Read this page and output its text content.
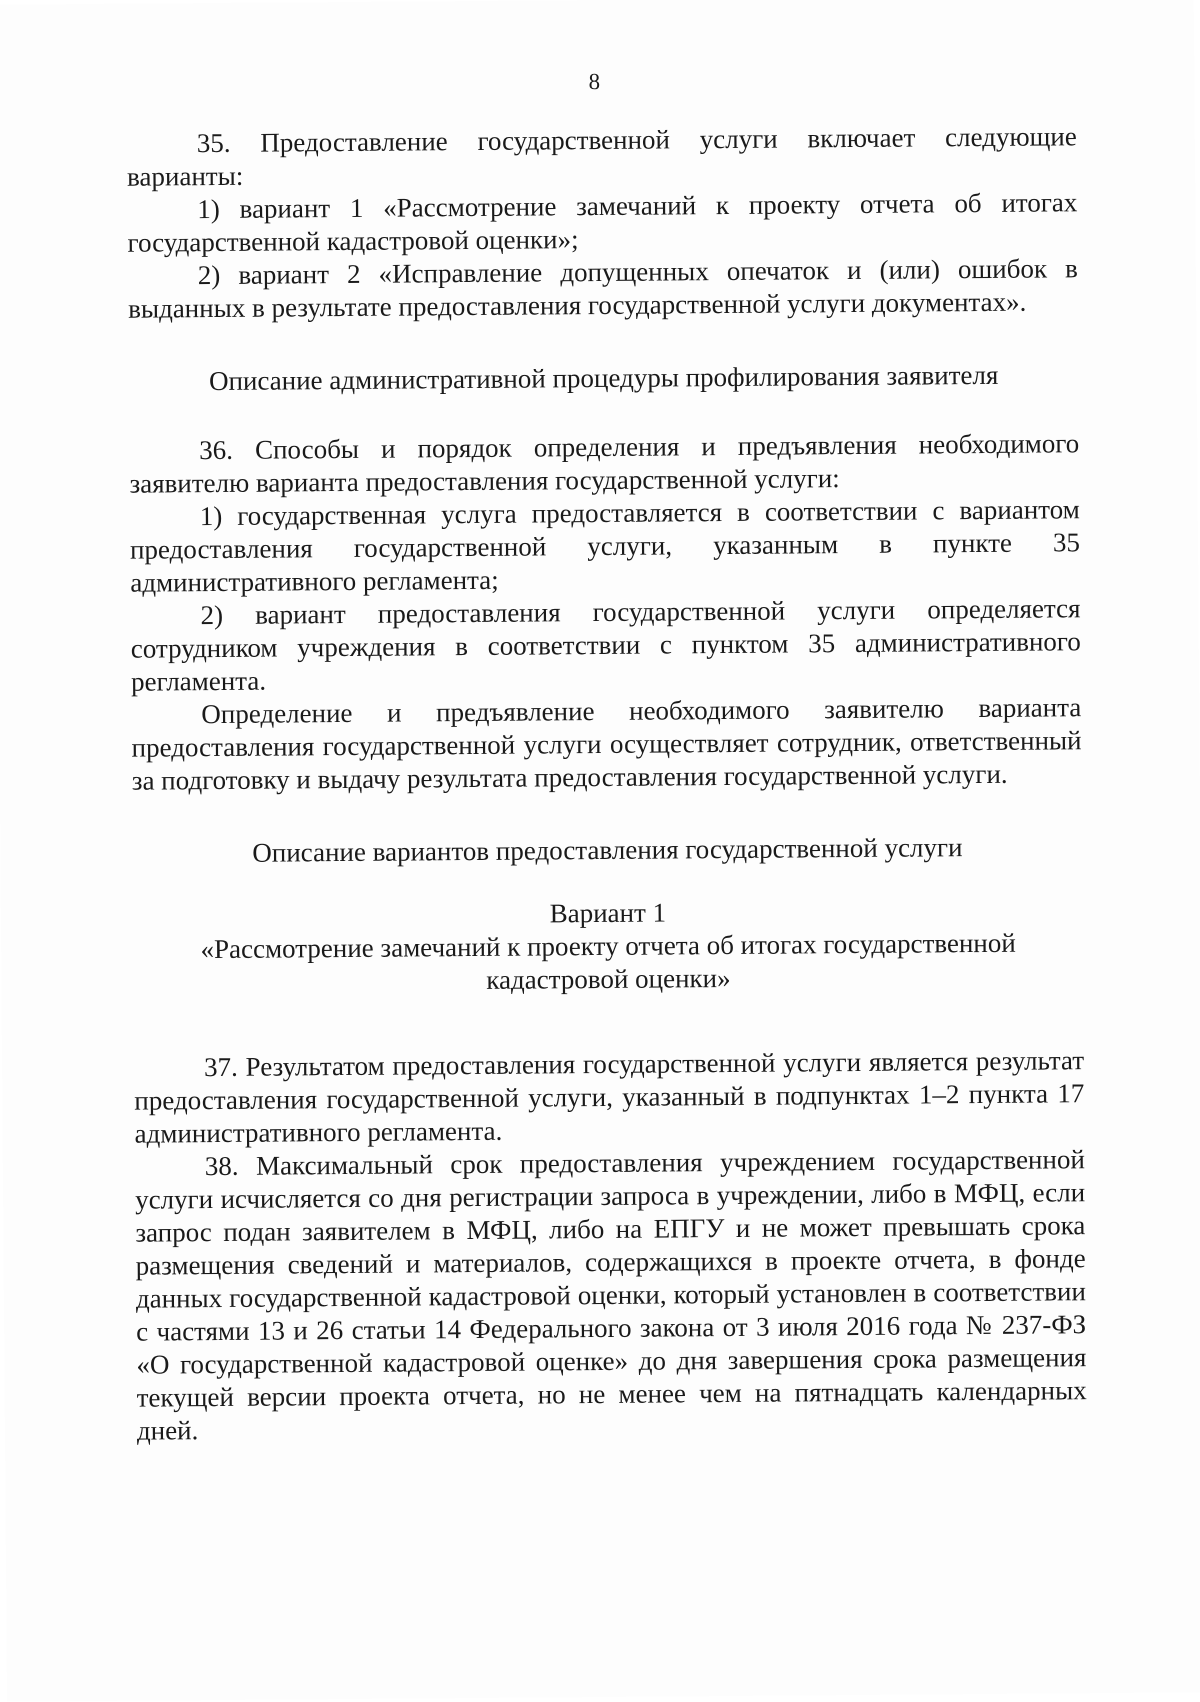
8

35. Предоставление государственной услуги включает следующие варианты:

1) вариант 1 «Рассмотрение замечаний к проекту отчета об итогах государственной кадастровой оценки»;

2) вариант 2 «Исправление допущенных опечаток и (или) ошибок в выданных в результате предоставления государственной услуги документах».

Описание административной процедуры профилирования заявителя

36. Способы и порядок определения и предъявления необходимого заявителю варианта предоставления государственной услуги:

1) государственная услуга предоставляется в соответствии с вариантом предоставления государственной услуги, указанным в пункте 35 административного регламента;

2) вариант предоставления государственной услуги определяется сотрудником учреждения в соответствии с пунктом 35 административного регламента.

Определение и предъявление необходимого заявителю варианта предоставления государственной услуги осуществляет сотрудник, ответственный за подготовку и выдачу результата предоставления государственной услуги.

Описание вариантов предоставления государственной услуги

Вариант 1

«Рассмотрение замечаний к проекту отчета об итогах государственной кадастровой оценки»

37. Результатом предоставления государственной услуги является результат предоставления государственной услуги, указанный в подпунктах 1–2 пункта 17 административного регламента.

38. Максимальный срок предоставления учреждением государственной услуги исчисляется со дня регистрации запроса в учреждении, либо в МФЦ, если запрос подан заявителем в МФЦ, либо на ЕПГУ и не может превышать срока размещения сведений и материалов, содержащихся в проекте отчета, в фонде данных государственной кадастровой оценки, который установлен в соответствии с частями 13 и 26 статьи 14 Федерального закона от 3 июля 2016 года № 237-ФЗ «О государственной кадастровой оценке» до дня завершения срока размещения текущей версии проекта отчета, но не менее чем на пятнадцать календарных дней.
